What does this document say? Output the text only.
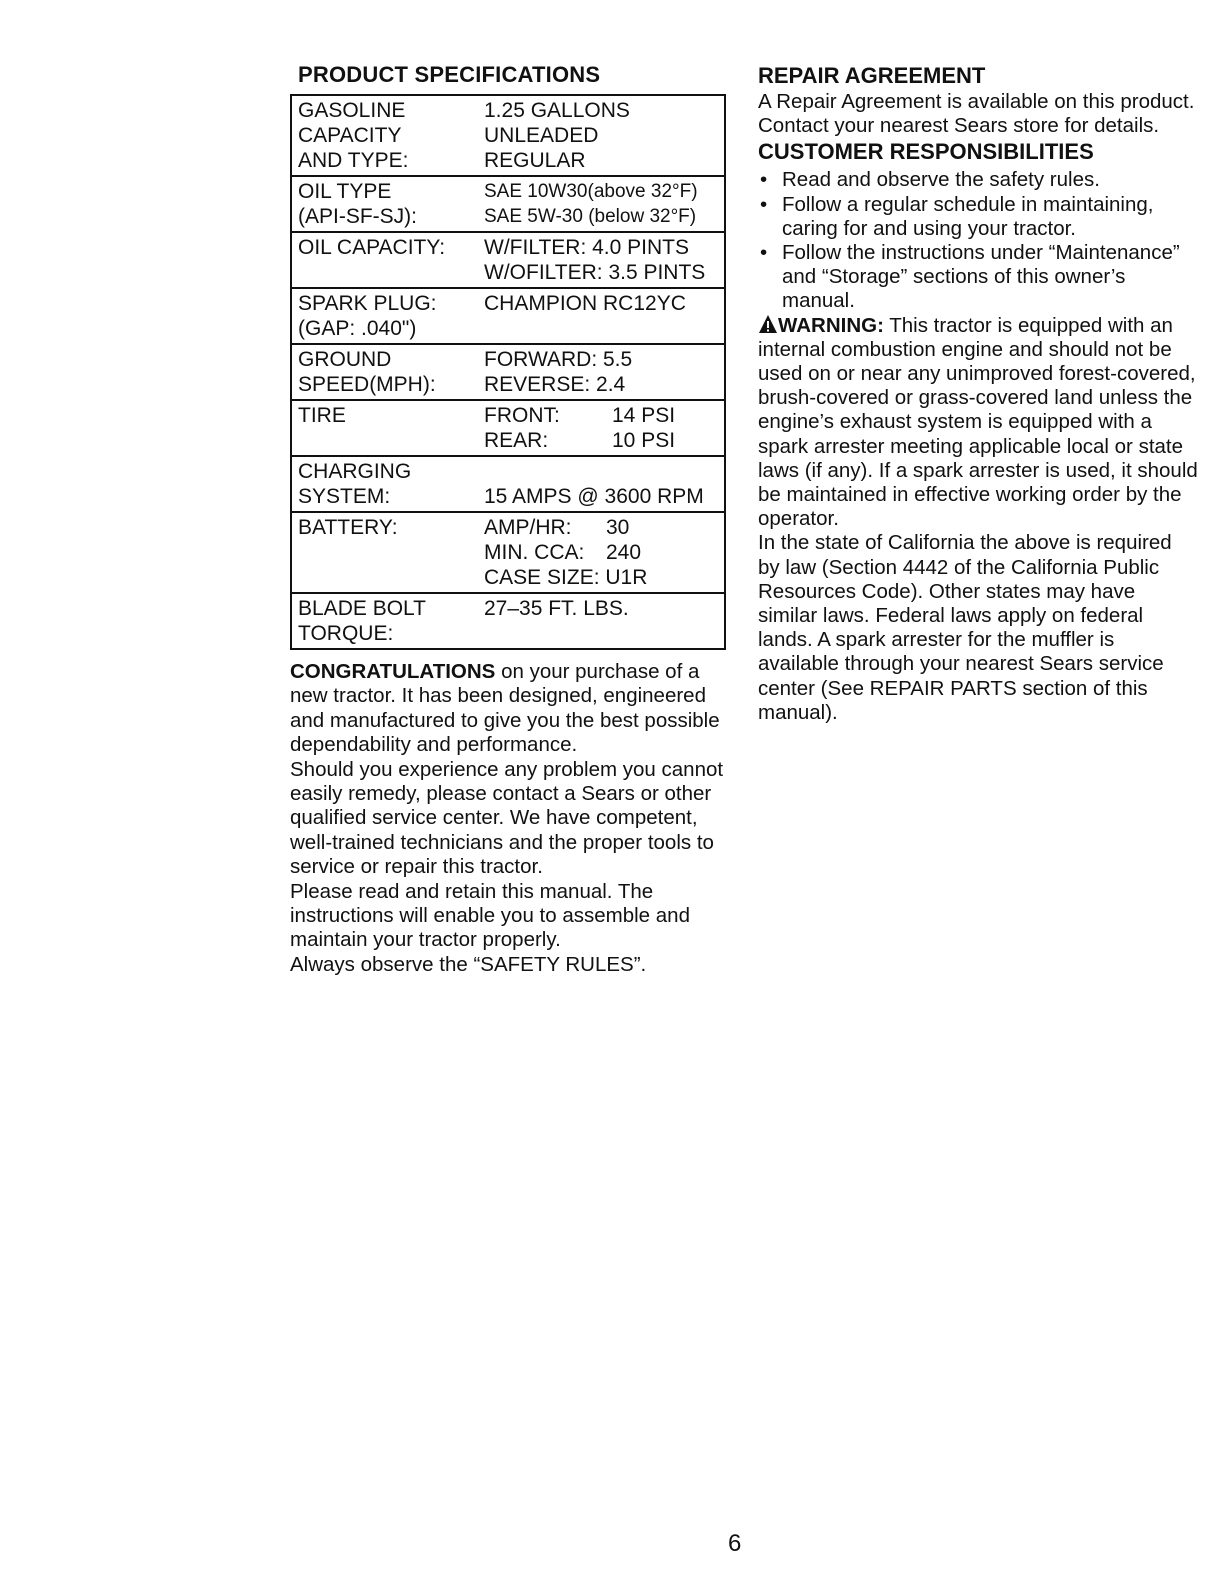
PRODUCT SPECIFICATIONS
GASOLINE
CAPACITY
AND TYPE:	1.25 GALLONS
UNLEADED
REGULAR

OIL TYPE
(API-SF-SJ):	SAE 10W30(above 32°F)
SAE 5W-30 (below 32°F)

OIL CAPACITY:	W/FILTER: 4.0 PINTS
W/OFILTER: 3.5 PINTS

SPARK PLUG:
(GAP: .040")	CHAMPION RC12YC

GROUND
SPEED(MPH):	FORWARD: 5.5
REVERSE: 2.4

TIRE	FRONT: 14 PSI
REAR: 10 PSI

CHARGING
SYSTEM:	15 AMPS @ 3600 RPM

BATTERY:	AMP/HR: 30
MIN. CCA: 240
CASE SIZE: U1R

BLADE BOLT
TORQUE:	27–35 FT. LBS.

CONGRATULATIONS on your purchase of a new tractor. It has been designed, engineered and manufactured to give you the best possible dependability and performance.

Should you experience any problem you cannot easily remedy, please contact a Sears or other qualified service center. We have competent, well-trained technicians and the proper tools to service or repair this tractor.

Please read and retain this manual. The instructions will enable you to assemble and maintain your tractor properly.

Always observe the “SAFETY RULES”.

REPAIR AGREEMENT

A Repair Agreement is available on this product. Contact your nearest Sears store for details.

CUSTOMER RESPONSIBILITIES
• Read and observe the safety rules.
• Follow a regular schedule in maintaining, caring for and using your tractor.
• Follow the instructions under “Maintenance” and “Storage” sections of this owner’s manual.

WARNING: This tractor is equipped with an internal combustion engine and should not be used on or near any unimproved forest-covered, brush-covered or grass-covered land unless the engine’s exhaust system is equipped with a spark arrester meeting applicable local or state laws (if any). If a spark arrester is used, it should be maintained in effective working order by the operator.

In the state of California the above is required by law (Section 4442 of the California Public Resources Code). Other states may have similar laws. Federal laws apply on federal lands. A spark arrester for the muffler is available through your nearest Sears service center (See REPAIR PARTS section of this manual).

6
